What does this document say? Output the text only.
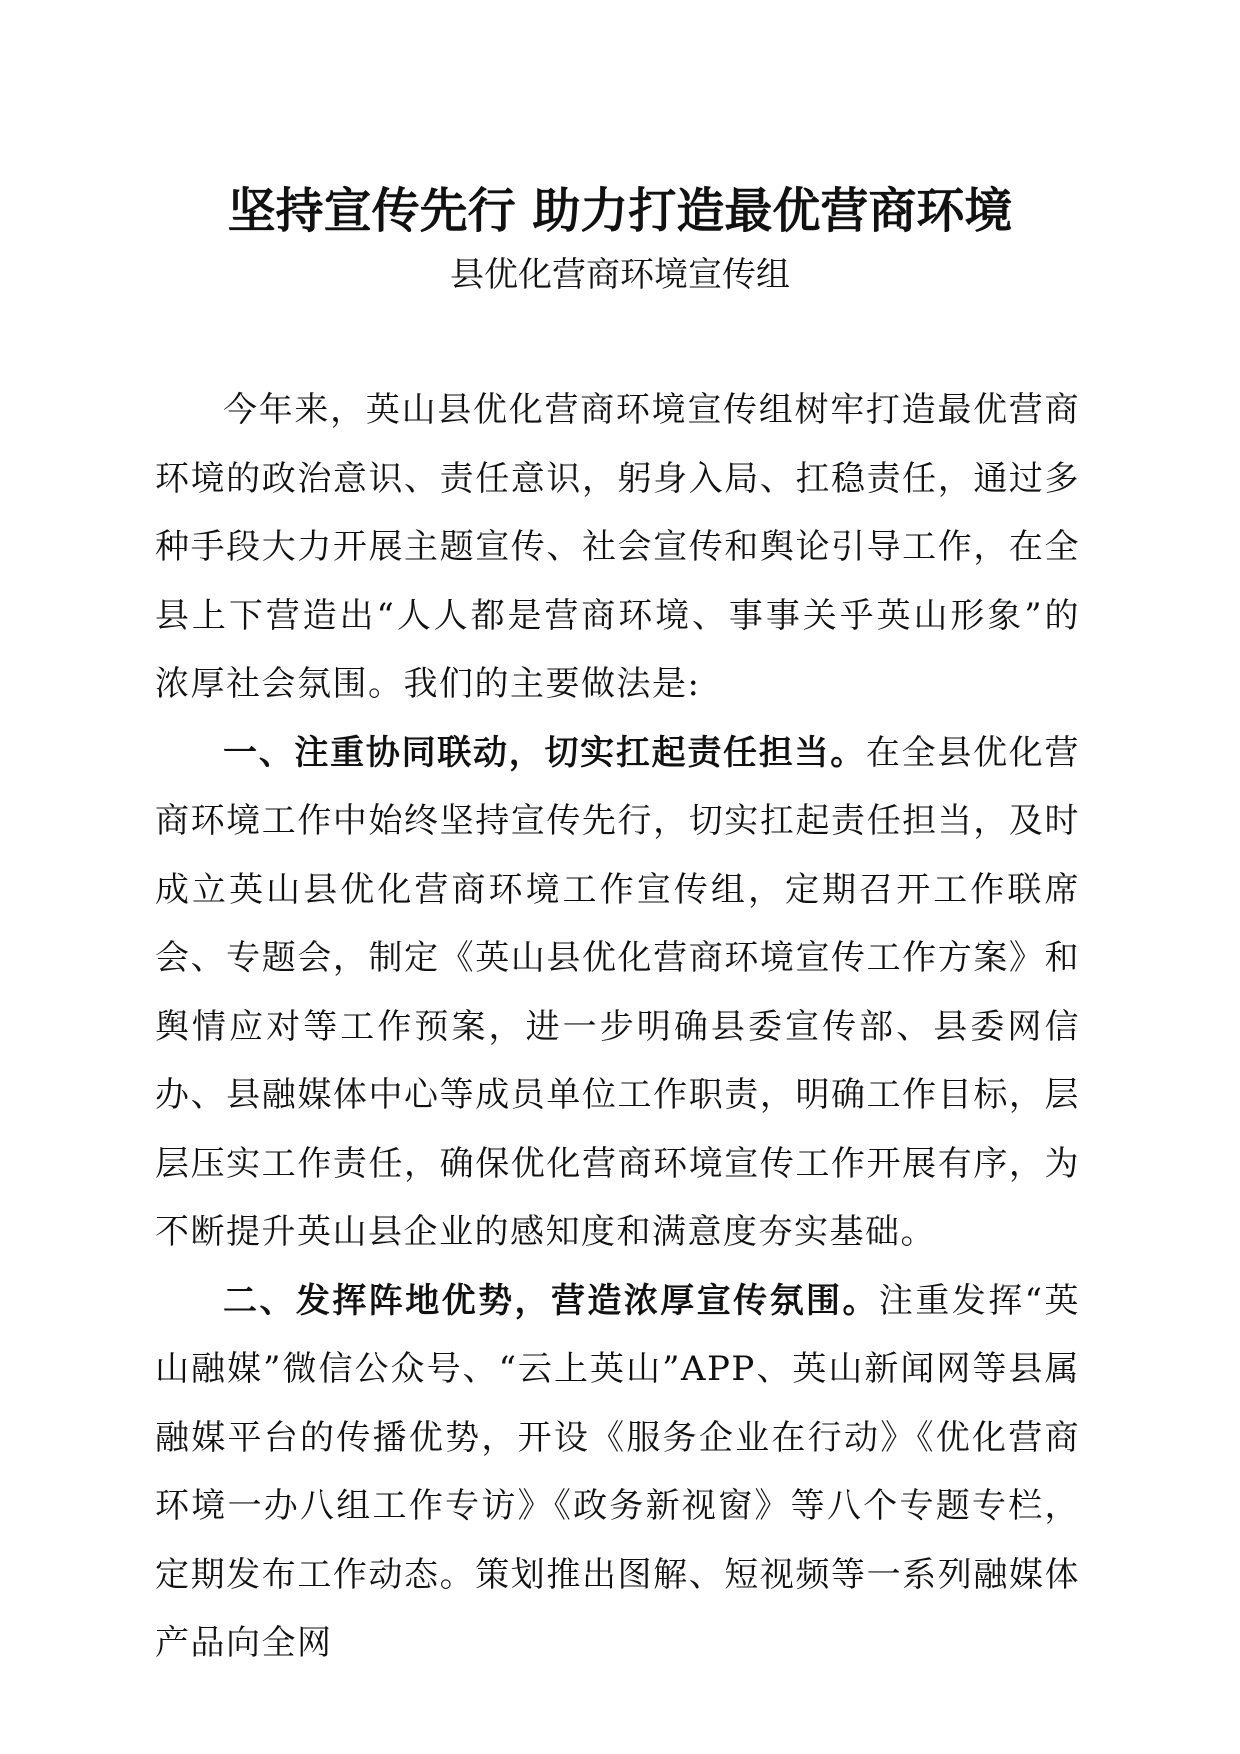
坚持宣传先行 助力打造最优营商环境
县优化营商环境宣传组

今年来，英山县优化营商环境宣传组树牢打造最优营商环境的政治意识、责任意识，躬身入局、扛稳责任，通过多种手段大力开展主题宣传、社会宣传和舆论引导工作，在全县上下营造出“人人都是营商环境、事事关乎英山形象”的浓厚社会氛围。我们的主要做法是:

一、注重协同联动，切实扛起责任担当。在全县优化营商环境工作中始终坚持宣传先行，切实扛起责任担当，及时成立英山县优化营商环境工作宣传组，定期召开工作联席会、专题会，制定《英山县优化营商环境宣传工作方案》和舆情应对等工作预案，进一步明确县委宣传部、县委网信办、县融媒体中心等成员单位工作职责，明确工作目标，层层压实工作责任，确保优化营商环境宣传工作开展有序，为不断提升英山县企业的感知度和满意度夯实基础。

二、发挥阵地优势，营造浓厚宣传氛围。注重发挥“英山融媒”微信公众号、“云上英山”APP、英山新闻网等县属融媒平台的传播优势，开设《服务企业在行动》《优化营商环境一办八组工作专访》《政务新视窗》等八个专题专栏，定期发布工作动态。策划推出图解、短视频等一系列融媒体产品向全网
